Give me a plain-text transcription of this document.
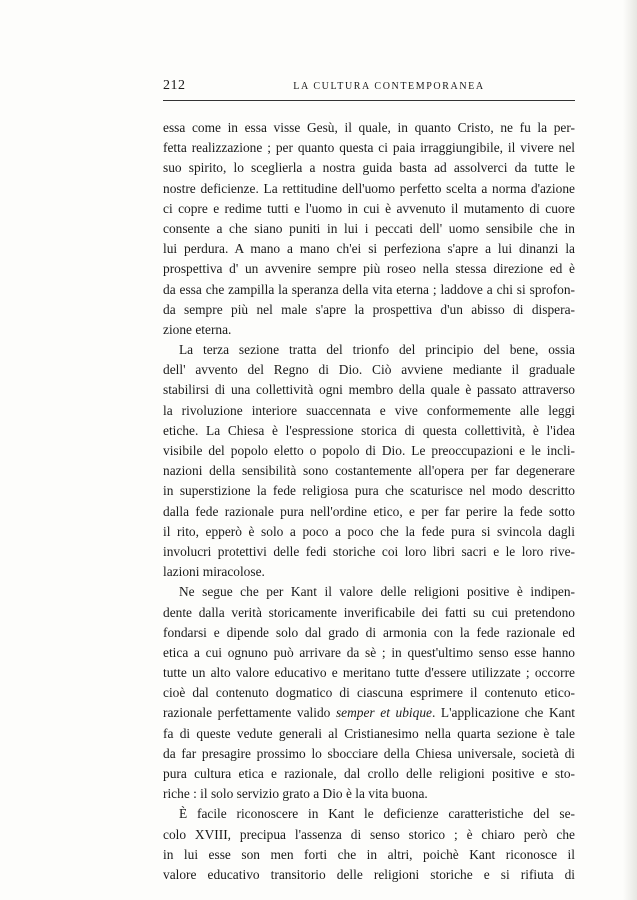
212	LA CULTURA CONTEMPORANEA
essa come in essa visse Gesù, il quale, in quanto Cristo, ne fu la per-
fetta realizzazione ; per quanto questa ci paia irraggiungibile, il vivere nel
suo spirito, lo sceglierla a nostra guida basta ad assolverci da tutte le
nostre deficienze. La rettitudine dell'uomo perfetto scelta a norma d'azione
ci copre e redime tutti e l'uomo in cui è avvenuto il mutamento di cuore
consente a che siano puniti in lui i peccati dell' uomo sensibile che in
lui perdura. A mano a mano ch'ei si perfeziona s'apre a lui dinanzi la
prospettiva d' un avvenire sempre più roseo nella stessa direzione ed è
da essa che zampilla la speranza della vita eterna ; laddove a chi si sprofon-
da sempre più nel male s'apre la prospettiva d'un abisso di dispera-
zione eterna.
La terza sezione tratta del trionfo del principio del bene, ossia
dell' avvento del Regno di Dio. Ciò avviene mediante il graduale
stabilirsi di una collettività ogni membro della quale è passato attraverso
la rivoluzione interiore suaccennata e vive conformemente alle leggi
etiche. La Chiesa è l'espressione storica di questa collettività, è l'idea
visibile del popolo eletto o popolo di Dio. Le preoccupazioni e le incli-
nazioni della sensibilità sono costantemente all'opera per far degenerare
in superstizione la fede religiosa pura che scaturisce nel modo descritto
dalla fede razionale pura nell'ordine etico, e per far perire la fede sotto
il rito, epperò è solo a poco a poco che la fede pura si svincola dagli
involucri protettivi delle fedi storiche coi loro libri sacri e le loro rive-
lazioni miracolose.
Ne segue che per Kant il valore delle religioni positive è indipen-
dente dalla verità storicamente inverificabile dei fatti su cui pretendono
fondarsi e dipende solo dal grado di armonia con la fede razionale ed
etica a cui ognuno può arrivare da sè ; in quest'ultimo senso esse hanno
tutte un alto valore educativo e meritano tutte d'essere utilizzate ; occorre
cioè dal contenuto dogmatico di ciascuna esprimere il contenuto etico-
razionale perfettamente valido semper et ubique. L'applicazione che Kant
fa di queste vedute generali al Cristianesimo nella quarta sezione è tale
da far presagire prossimo lo sbocciare della Chiesa universale, società di
pura cultura etica e razionale, dal crollo delle religioni positive e sto-
riche : il solo servizio grato a Dio è la vita buona.
È facile riconoscere in Kant le deficienze caratteristiche del se-
colo XVIII, precipua l'assenza di senso storico ; è chiaro però che
in lui esse son men forti che in altri, poichè Kant riconosce il
valore educativo transitorio delle religioni storiche e si rifiuta di
